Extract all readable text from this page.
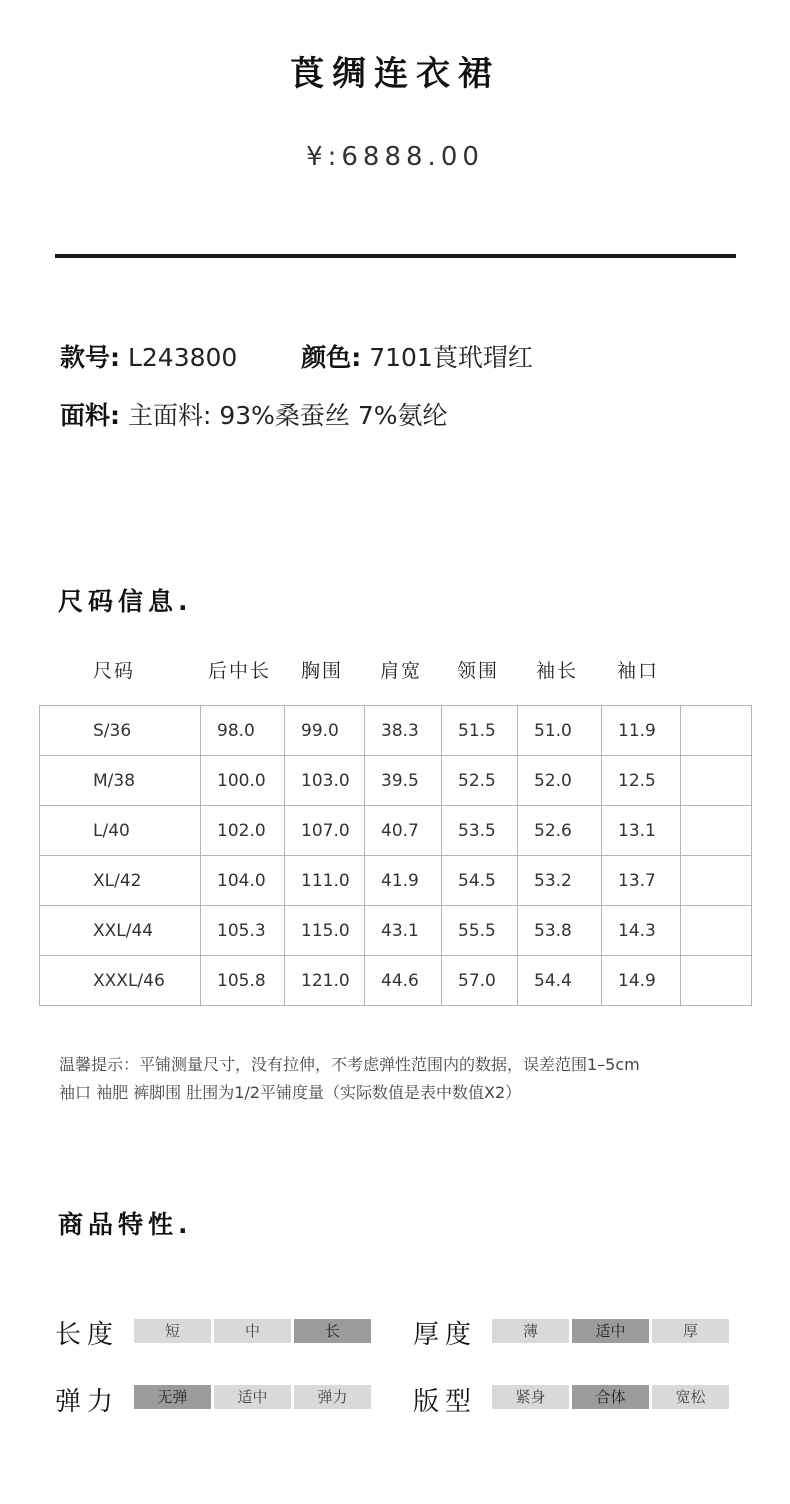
莨绸连衣裙
¥:6888.00
款号: L243800	颜色: 7101莨玳瑁红
面料: 主面料: 93%桑蚕丝 7%氨纶
尺码信息.
尺码	后中长 胸围 肩宽 领围 袖长 袖口
S/36	98.0	99.0	38.3	51.5	51.0	11.9	
M/38	100.0	103.0	39.5	52.5	52.0	12.5	
L/40	102.0	107.0	40.7	53.5	52.6	13.1	
XL/42	104.0	111.0	41.9	54.5	53.2	13.7	
XXL/44	105.3	115.0	43.1	55.5	53.8	14.3	
XXXL/46	105.8	121.0	44.6	57.0	54.4	14.9	
温馨提示：平铺测量尺寸，没有拉伸，不考虑弹性范围内的数据，误差范围1–5cm
袖口 袖肥 裤脚围 肚围为1/2平铺度量（实际数值是表中数值X2）
商品特性.
长度	短	中	长	厚度	薄	适中	厚
弹力	无弹	适中	弹力	版型	紧身	合体	宽松
